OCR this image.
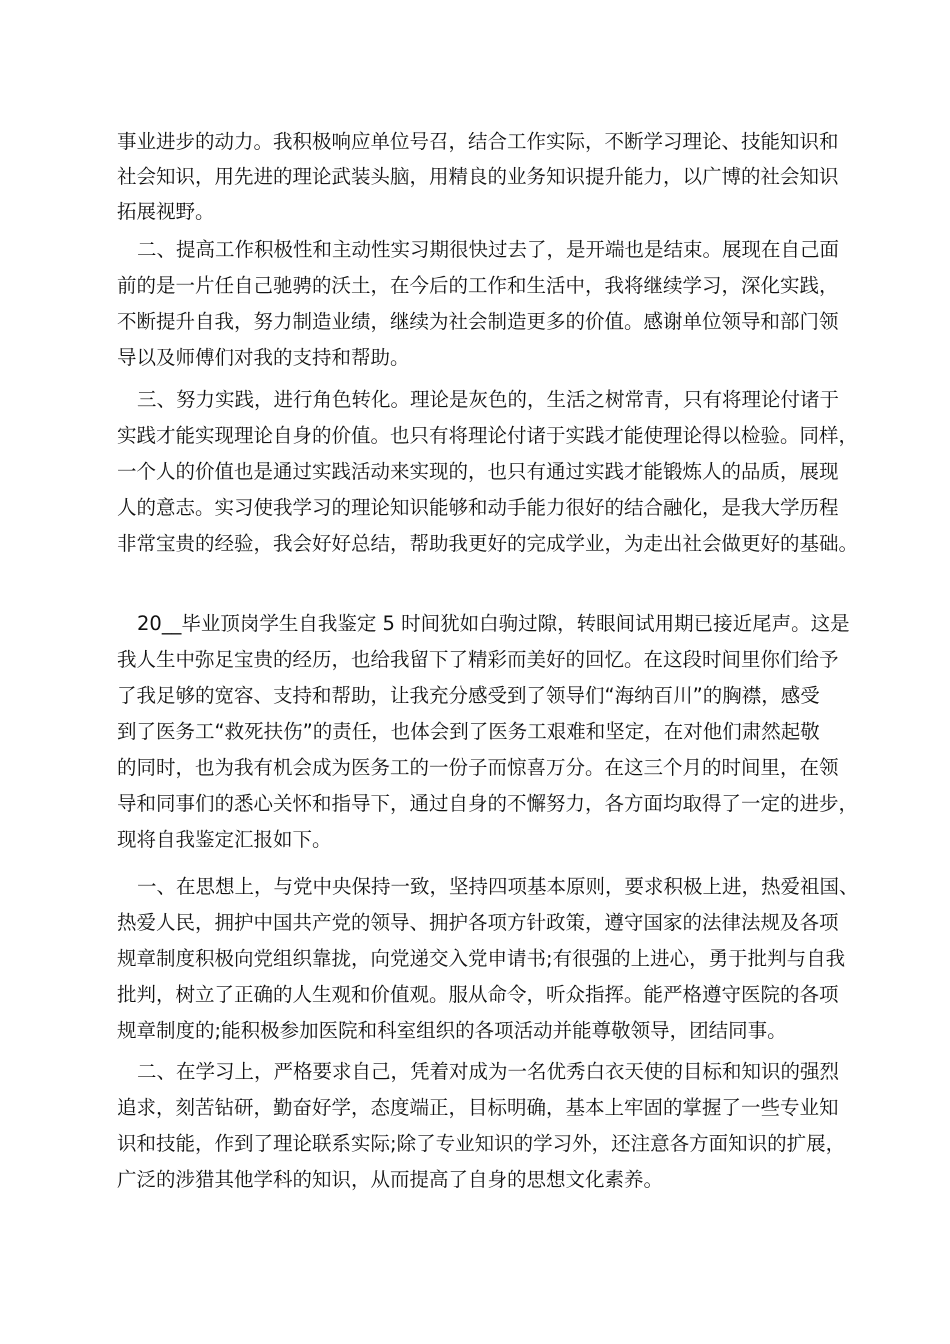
事业进步的动力。我积极响应单位号召，结合工作实际，不断学习理论、技能知识和
社会知识，用先进的理论武装头脑，用精良的业务知识提升能力，以广博的社会知识
拓展视野。
二、提高工作积极性和主动性实习期很快过去了，是开端也是结束。展现在自己面
前的是一片任自己驰骋的沃土，在今后的工作和生活中，我将继续学习，深化实践，
不断提升自我，努力制造业绩，继续为社会制造更多的价值。感谢单位领导和部门领
导以及师傅们对我的支持和帮助。
三、努力实践，进行角色转化。理论是灰色的，生活之树常青，只有将理论付诸于
实践才能实现理论自身的价值。也只有将理论付诸于实践才能使理论得以检验。同样，
一个人的价值也是通过实践活动来实现的，也只有通过实践才能锻炼人的品质，展现
人的意志。实习使我学习的理论知识能够和动手能力很好的结合融化，是我大学历程
非常宝贵的经验，我会好好总结，帮助我更好的完成学业，为走出社会做更好的基础。
20__毕业顶岗学生自我鉴定 5 时间犹如白驹过隙，转眼间试用期已接近尾声。这是
我人生中弥足宝贵的经历，也给我留下了精彩而美好的回忆。在这段时间里你们给予
了我足够的宽容、支持和帮助，让我充分感受到了领导们“海纳百川”的胸襟，感受
到了医务工“救死扶伤”的责任，也体会到了医务工艰难和坚定，在对他们肃然起敬
的同时，也为我有机会成为医务工的一份子而惊喜万分。在这三个月的时间里，在领
导和同事们的悉心关怀和指导下，通过自身的不懈努力，各方面均取得了一定的进步，
现将自我鉴定汇报如下。
一、在思想上，与党中央保持一致，坚持四项基本原则，要求积极上进，热爱祖国、
热爱人民，拥护中国共产党的领导、拥护各项方针政策，遵守国家的法律法规及各项
规章制度积极向党组织靠拢，向党递交入党申请书;有很强的上进心，勇于批判与自我
批判，树立了正确的人生观和价值观。服从命令，听众指挥。能严格遵守医院的各项
规章制度的;能积极参加医院和科室组织的各项活动并能尊敬领导，团结同事。
二、在学习上，严格要求自己，凭着对成为一名优秀白衣天使的目标和知识的强烈
追求，刻苦钻研，勤奋好学，态度端正，目标明确，基本上牢固的掌握了一些专业知
识和技能，作到了理论联系实际;除了专业知识的学习外，还注意各方面知识的扩展，
广泛的涉猎其他学科的知识，从而提高了自身的思想文化素养。
